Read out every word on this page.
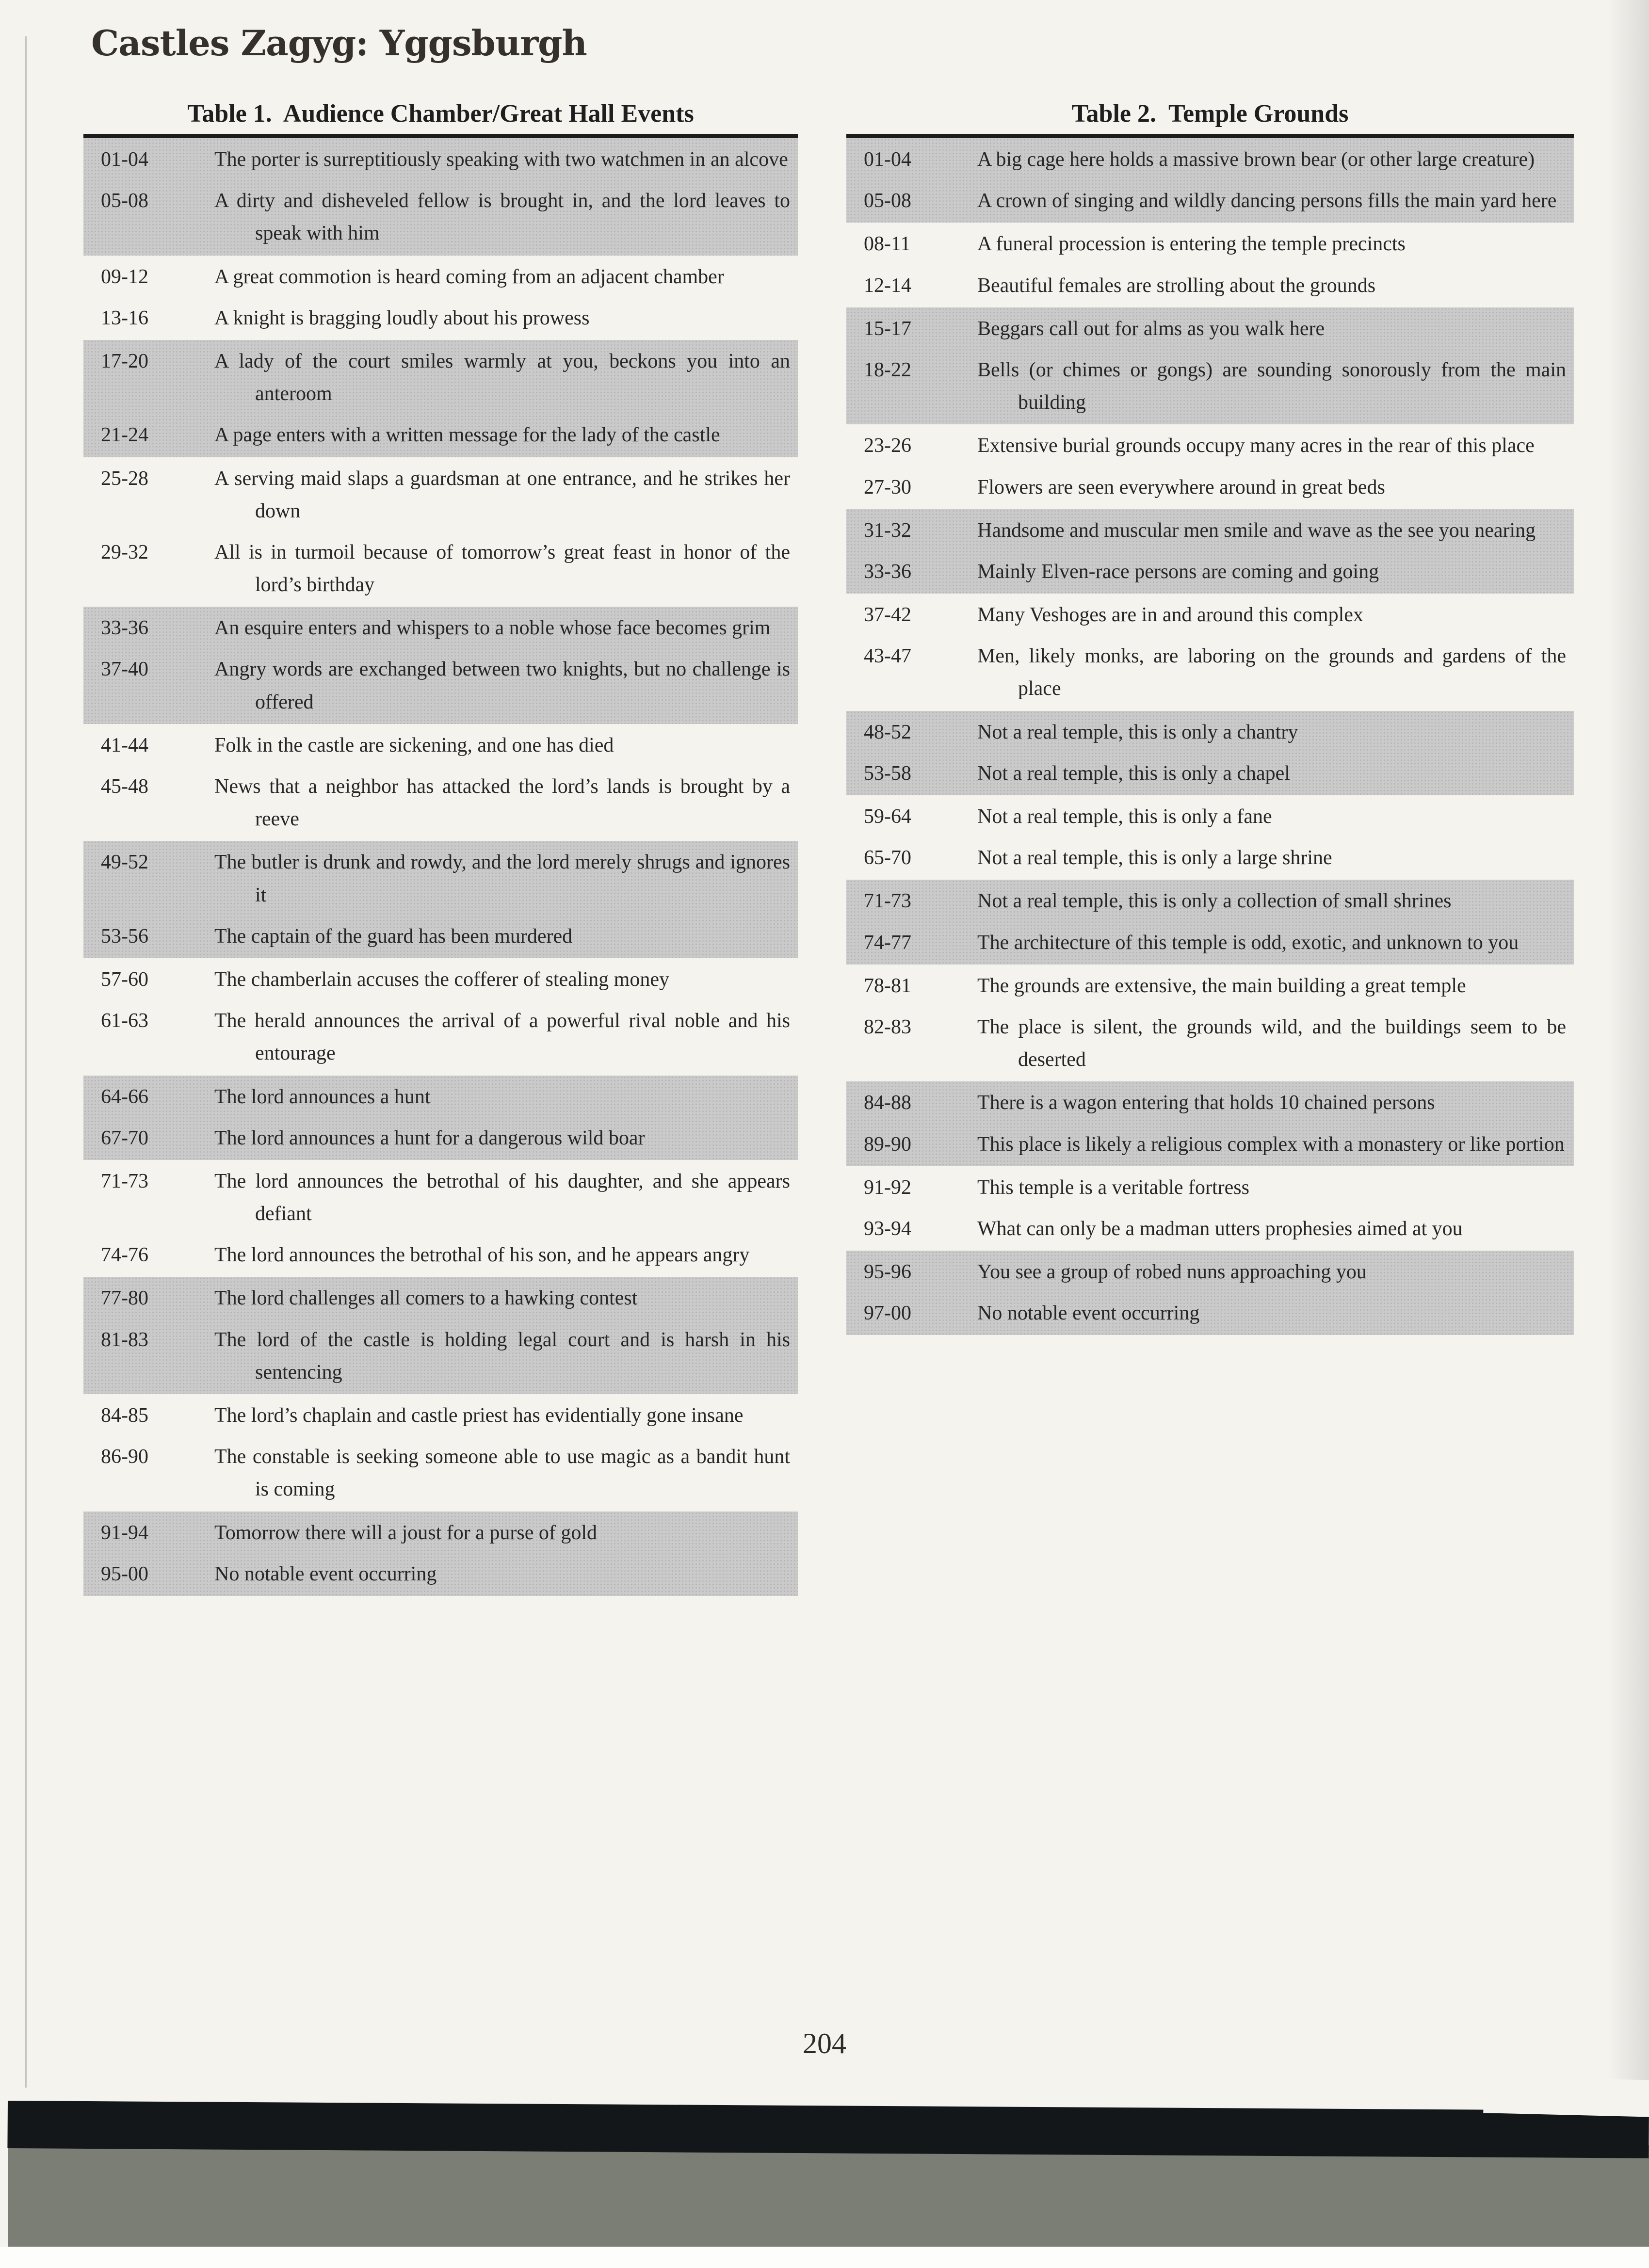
Castles Zagyg: Yggsburgh
Table 1.  Audience Chamber/Great Hall Events
01-04	The porter is surreptitiously speaking with two watchmen in an alcove
05-08	A dirty and disheveled fellow is brought in, and the lord leaves to speak with him
09-12	A great commotion is heard coming from an adjacent chamber
13-16	A knight is bragging loudly about his prowess
17-20	A lady of the court smiles warmly at you, beckons you into an anteroom
21-24	A page enters with a written message for the lady of the castle
25-28	A serving maid slaps a guardsman at one entrance, and he strikes her down
29-32	All is in turmoil because of tomorrow’s great feast in honor of the lord’s birthday
33-36	An esquire enters and whispers to a noble whose face becomes grim
37-40	Angry words are exchanged between two knights, but no challenge is offered
41-44	Folk in the castle are sickening, and one has died
45-48	News that a neighbor has attacked the lord’s lands is brought by a reeve
49-52	The butler is drunk and rowdy, and the lord merely shrugs and ignores it
53-56	The captain of the guard has been murdered
57-60	The chamberlain accuses the cofferer of stealing money
61-63	The herald announces the arrival of a powerful rival noble and his entourage
64-66	The lord announces a hunt
67-70	The lord announces a hunt for a dangerous wild boar
71-73	The lord announces the betrothal of his daughter, and she appears defiant
74-76	The lord announces the betrothal of his son, and he appears angry
77-80	The lord challenges all comers to a hawking contest
81-83	The lord of the castle is holding legal court and is harsh in his sentencing
84-85	The lord’s chaplain and castle priest has evidentially gone insane
86-90	The constable is seeking someone able to use magic as a bandit hunt is coming
91-94	Tomorrow there will a joust for a purse of gold
95-00	No notable event occurring
Table 2.  Temple Grounds
01-04	A big cage here holds a massive brown bear (or other large creature)
05-08	A crown of singing and wildly dancing persons fills the main yard here
08-11	A funeral procession is entering the temple precincts
12-14	Beautiful females are strolling about the grounds
15-17	Beggars call out for alms as you walk here
18-22	Bells (or chimes or gongs) are sounding sonorously from the main building
23-26	Extensive burial grounds occupy many acres in the rear of this place
27-30	Flowers are seen everywhere around in great beds
31-32	Handsome and muscular men smile and wave as the see you nearing
33-36	Mainly Elven-race persons are coming and going
37-42	Many Veshoges are in and around this complex
43-47	Men, likely monks, are laboring on the grounds and gardens of the place
48-52	Not a real temple, this is only a chantry
53-58	Not a real temple, this is only a chapel
59-64	Not a real temple, this is only a fane
65-70	Not a real temple, this is only a large shrine
71-73	Not a real temple, this is only a collection of small shrines
74-77	The architecture of this temple is odd, exotic, and unknown to you
78-81	The grounds are extensive, the main building a great temple
82-83	The place is silent, the grounds wild, and the buildings seem to be deserted
84-88	There is a wagon entering that holds 10 chained persons
89-90	This place is likely a religious complex with a monastery or like portion
91-92	This temple is a veritable fortress
93-94	What can only be a madman utters prophesies aimed at you
95-96	You see a group of robed nuns approaching you
97-00	No notable event occurring
204
